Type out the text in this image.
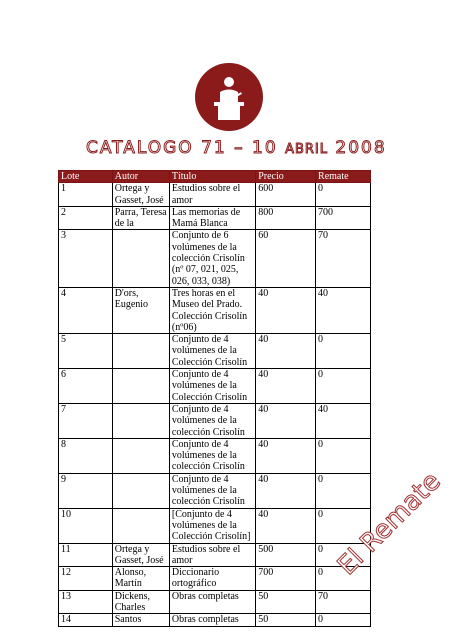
CATALOGO 71 – 10 ABRIL 2008
Lote	Autor	Título	Precio	Remate
1	Ortega y Gasset, José	Estudios sobre el amor	600	0
2	Parra, Teresa de la	Las memorias de Mamá Blanca	800	700
3		Conjunto de 6 volúmenes de la colección Crisolín (nº 07, 021, 025, 026, 033, 038)	60	70
4	D'ors, Eugenio	Tres horas en el Museo del Prado. Colección Crisolín (nº06)	40	40
5		Conjunto de 4 volúmenes de la Colección Crisolín	40	0
6		Conjunto de 4 volúmenes de la Colección Crisolín	40	0
7		Conjunto de 4 volúmenes de la colección Crisolín	40	40
8		Conjunto de 4 volúmenes de la colección Crisolín	40	0
9		Conjunto de 4 volúmenes de la colección Crisolín	40	0
10		[Conjunto de 4 volúmenes de la Colección Crisolín]	40	0
11	Ortega y Gasset, José	Estudios sobre el amor	500	0
12	Alonso, Martín	Diccionario ortográfico	700	0
13	Dickens, Charles	Obras completas	50	70
14	Santos	Obras completas	50	0
El Remate
